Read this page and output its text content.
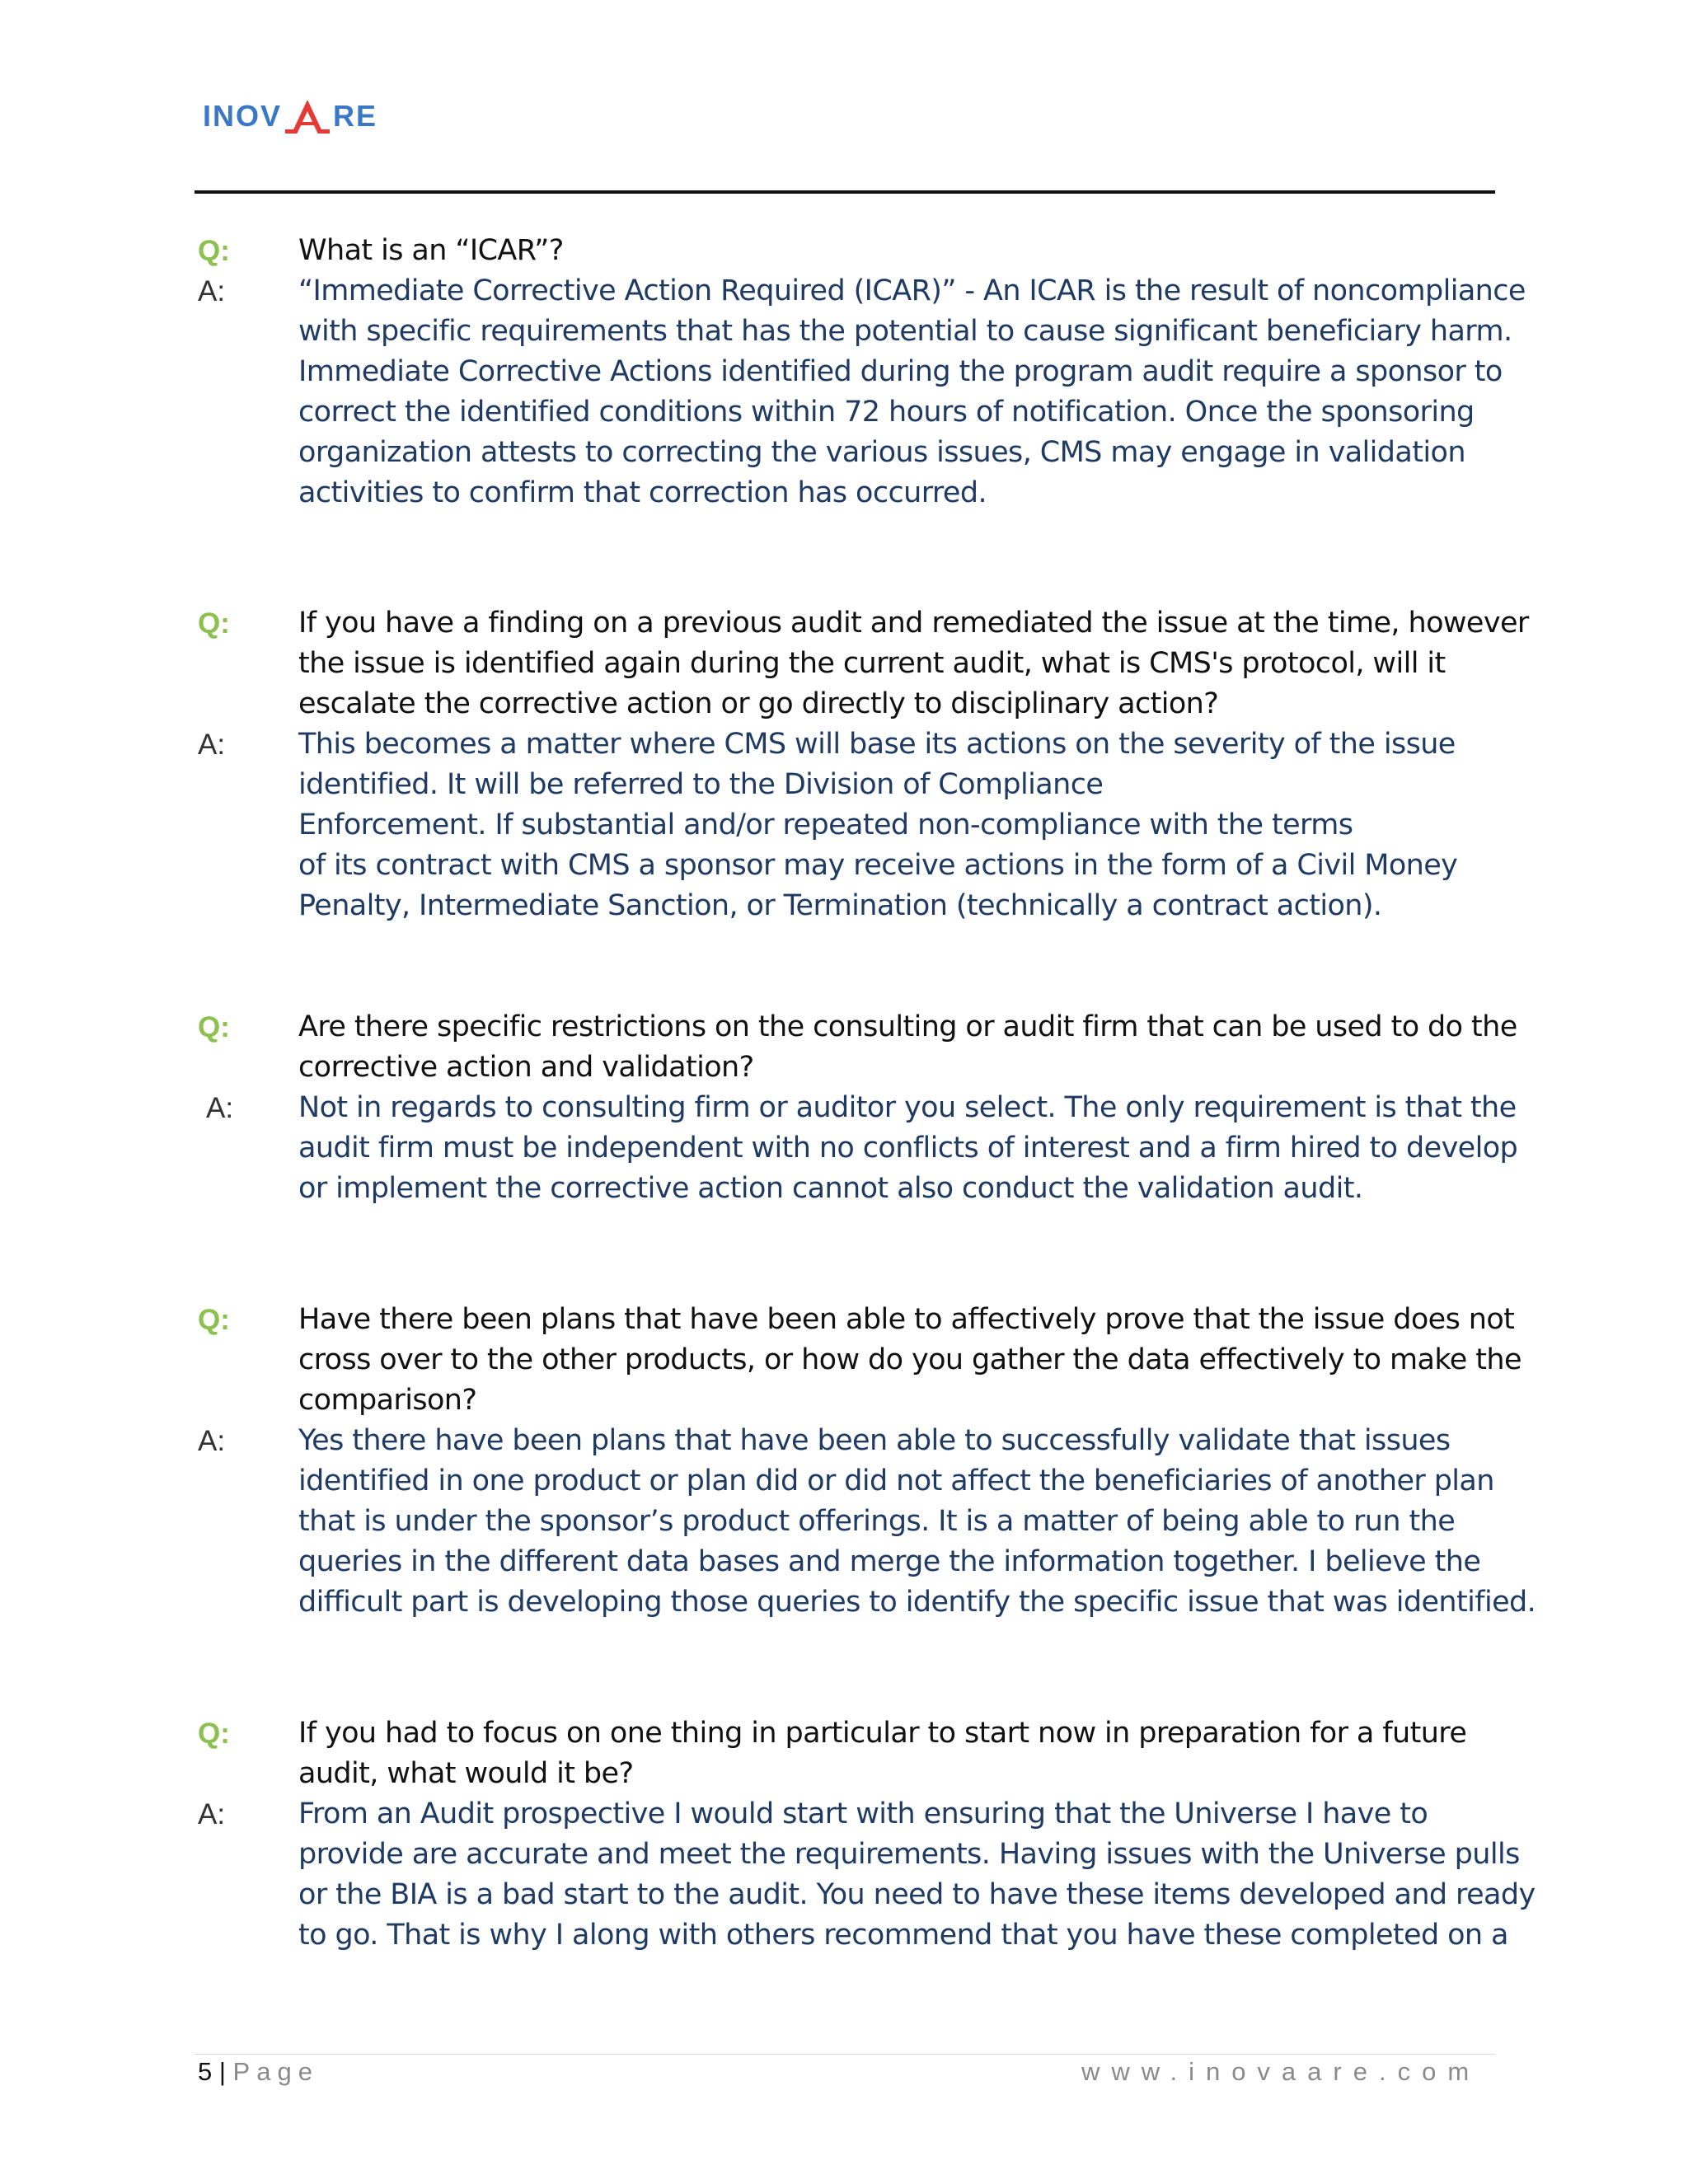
INOV RE
Q:	What is an “ICAR”?
A:	“Immediate Corrective Action Required (ICAR)” - An ICAR is the result of noncompliance
with specific requirements that has the potential to cause significant beneficiary harm.
Immediate Corrective Actions identified during the program audit require a sponsor to
correct the identified conditions within 72 hours of notification. Once the sponsoring
organization attests to correcting the various issues, CMS may engage in validation
activities to confirm that correction has occurred.
Q:	If you have a finding on a previous audit and remediated the issue at the time, however
the issue is identified again during the current audit, what is CMS's protocol, will it
escalate the corrective action or go directly to disciplinary action?
A:	This becomes a matter where CMS will base its actions on the severity of the issue
identified. It will be referred to the Division of Compliance
Enforcement. If substantial and/or repeated non-compliance with the terms
of its contract with CMS a sponsor may receive actions in the form of a Civil Money
Penalty, Intermediate Sanction, or Termination (technically a contract action).
Q:	Are there specific restrictions on the consulting or audit firm that can be used to do the
corrective action and validation?
A:	Not in regards to consulting firm or auditor you select. The only requirement is that the
audit firm must be independent with no conflicts of interest and a firm hired to develop
or implement the corrective action cannot also conduct the validation audit.
Q:	Have there been plans that have been able to affectively prove that the issue does not
cross over to the other products, or how do you gather the data effectively to make the
comparison?
A:	Yes there have been plans that have been able to successfully validate that issues
identified in one product or plan did or did not affect the beneficiaries of another plan
that is under the sponsor’s product offerings. It is a matter of being able to run the
queries in the different data bases and merge the information together. I believe the
difficult part is developing those queries to identify the specific issue that was identified.
Q:	If you had to focus on one thing in particular to start now in preparation for a future
audit, what would it be?
A:	From an Audit prospective I would start with ensuring that the Universe I have to
provide are accurate and meet the requirements. Having issues with the Universe pulls
or the BIA is a bad start to the audit. You need to have these items developed and ready
to go. That is why I along with others recommend that you have these completed on a
5 | Page	www.inovaare.com
